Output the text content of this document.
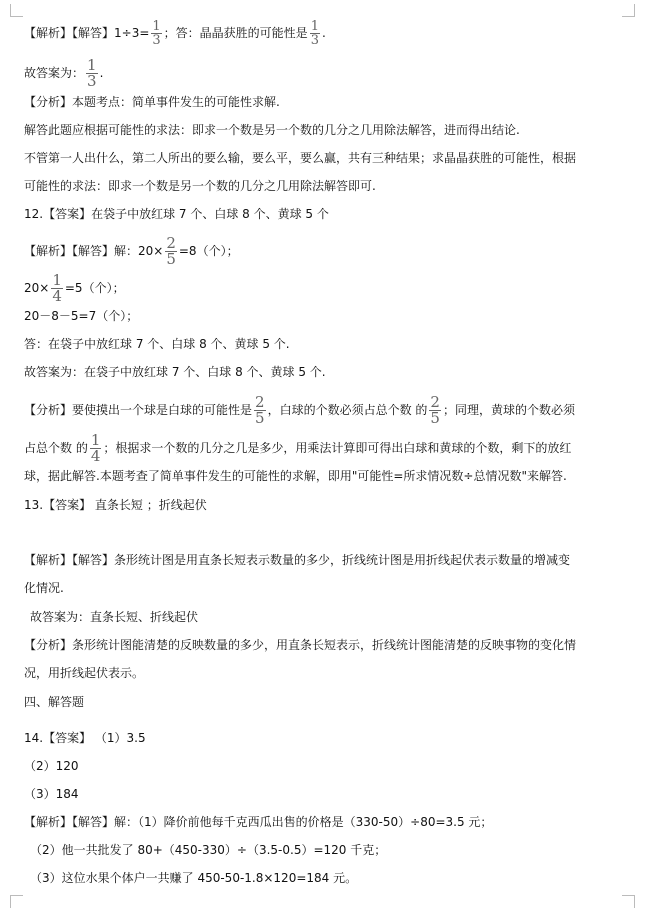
【解析】【解答】$1\div 3= \frac{1}{3}$ ；答：晶晶获胜的可能性是 $\frac{1}{3}$ .
故答案为： $\frac{1}{3}$ .
【分析】本题考点：简单事件发生的可能性求解.
解答此题应根据可能性的求法：即求一个数是另一个数的几分之几用除法解答，进而得出结论.
不管第一人出什么，第二人所出的要么输，要么平，要么赢，共有三种结果；求晶晶获胜的可能性，根据
可能性的求法：即求一个数是另一个数的几分之几用除法解答即可.
12.【答案】在袋子中放红球 7 个、白球 8 个、黄球 5 个
【解析】【解答】解：$20\times \frac{2}{5} =8$（个）；
$20\times \frac{1}{4} =5$（个）；
20－8－5=7（个）；
答：在袋子中放红球 7 个、白球 8 个、黄球 5 个.
故答案为：在袋子中放红球 7 个、白球 8 个、黄球 5 个.
【分析】要使摸出一个球是白球的可能性是 $\frac{2}{5}$ ，白球的个数必须占总个数 的 $\frac{2}{5}$ ；同理，黄球的个数必须
占总个数 的 $\frac{1}{4}$ ；根据求一个数的几分之几是多少，用乘法计算即可得出白球和黄球的个数，剩下的放红
球，据此解答.本题考查了简单事件发生的可能性的求解，即用"可能性=所求情况数÷总情况数"来解答.
13.【答案】 直条长短 ；折线起伏
【解析】【解答】条形统计图是用直条长短表示数量的多少，折线统计图是用折线起伏表示数量的增减变
化情况.
故答案为：直条长短、折线起伏
【分析】条形统计图能清楚的反映数量的多少，用直条长短表示，折线统计图能清楚的反映事物的变化情
况，用折线起伏表示。
四、解答题
14.【答案】 （1）3.5
（2）120
（3）184
【解析】【解答】解：（1）降价前他每千克西瓜出售的价格是（330-50）÷80=3.5 元；
（2）他一共批发了 80+（450-330）÷（3.5-0.5）=120 千克；
（3）这位水果个体户一共赚了 450-50-1.8×120=184 元。
